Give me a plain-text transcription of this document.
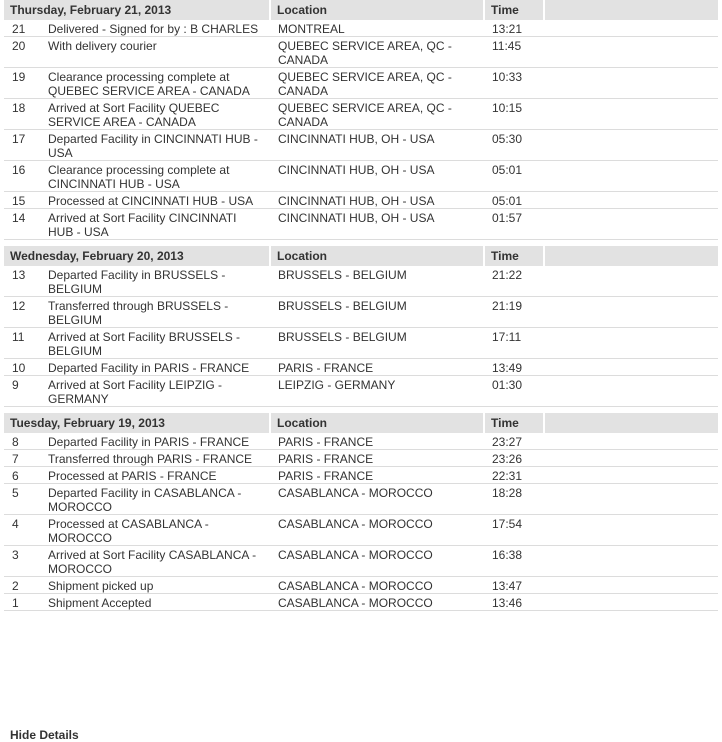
Thursday, February 21, 2013		Location	Time	
21	Delivered - Signed for by : B CHARLES	MONTREAL	13:21	
20	With delivery courier	QUEBEC SERVICE AREA, QC - CANADA	11:45	
19	Clearance processing complete at QUEBEC SERVICE AREA - CANADA	QUEBEC SERVICE AREA, QC - CANADA	10:33	
18	Arrived at Sort Facility QUEBEC SERVICE AREA - CANADA	QUEBEC SERVICE AREA, QC - CANADA	10:15	
17	Departed Facility in CINCINNATI HUB - USA	CINCINNATI HUB, OH - USA	05:30	
16	Clearance processing complete at CINCINNATI HUB - USA	CINCINNATI HUB, OH - USA	05:01	
15	Processed at CINCINNATI HUB - USA	CINCINNATI HUB, OH - USA	05:01	
14	Arrived at Sort Facility CINCINNATI HUB - USA	CINCINNATI HUB, OH - USA	01:57	

Wednesday, February 20, 2013		Location	Time	
13	Departed Facility in BRUSSELS - BELGIUM	BRUSSELS - BELGIUM	21:22	
12	Transferred through BRUSSELS - BELGIUM	BRUSSELS - BELGIUM	21:19	
11	Arrived at Sort Facility BRUSSELS - BELGIUM	BRUSSELS - BELGIUM	17:11	
10	Departed Facility in PARIS - FRANCE	PARIS - FRANCE	13:49	
9	Arrived at Sort Facility LEIPZIG - GERMANY	LEIPZIG - GERMANY	01:30	

Tuesday, February 19, 2013		Location	Time	
8	Departed Facility in PARIS - FRANCE	PARIS - FRANCE	23:27	
7	Transferred through PARIS - FRANCE	PARIS - FRANCE	23:26	
6	Processed at PARIS - FRANCE	PARIS - FRANCE	22:31	
5	Departed Facility in CASABLANCA - MOROCCO	CASABLANCA - MOROCCO	18:28	
4	Processed at CASABLANCA - MOROCCO	CASABLANCA - MOROCCO	17:54	
3	Arrived at Sort Facility CASABLANCA - MOROCCO	CASABLANCA - MOROCCO	16:38	
2	Shipment picked up	CASABLANCA - MOROCCO	13:47	
1	Shipment Accepted	CASABLANCA - MOROCCO	13:46	
Hide Details
